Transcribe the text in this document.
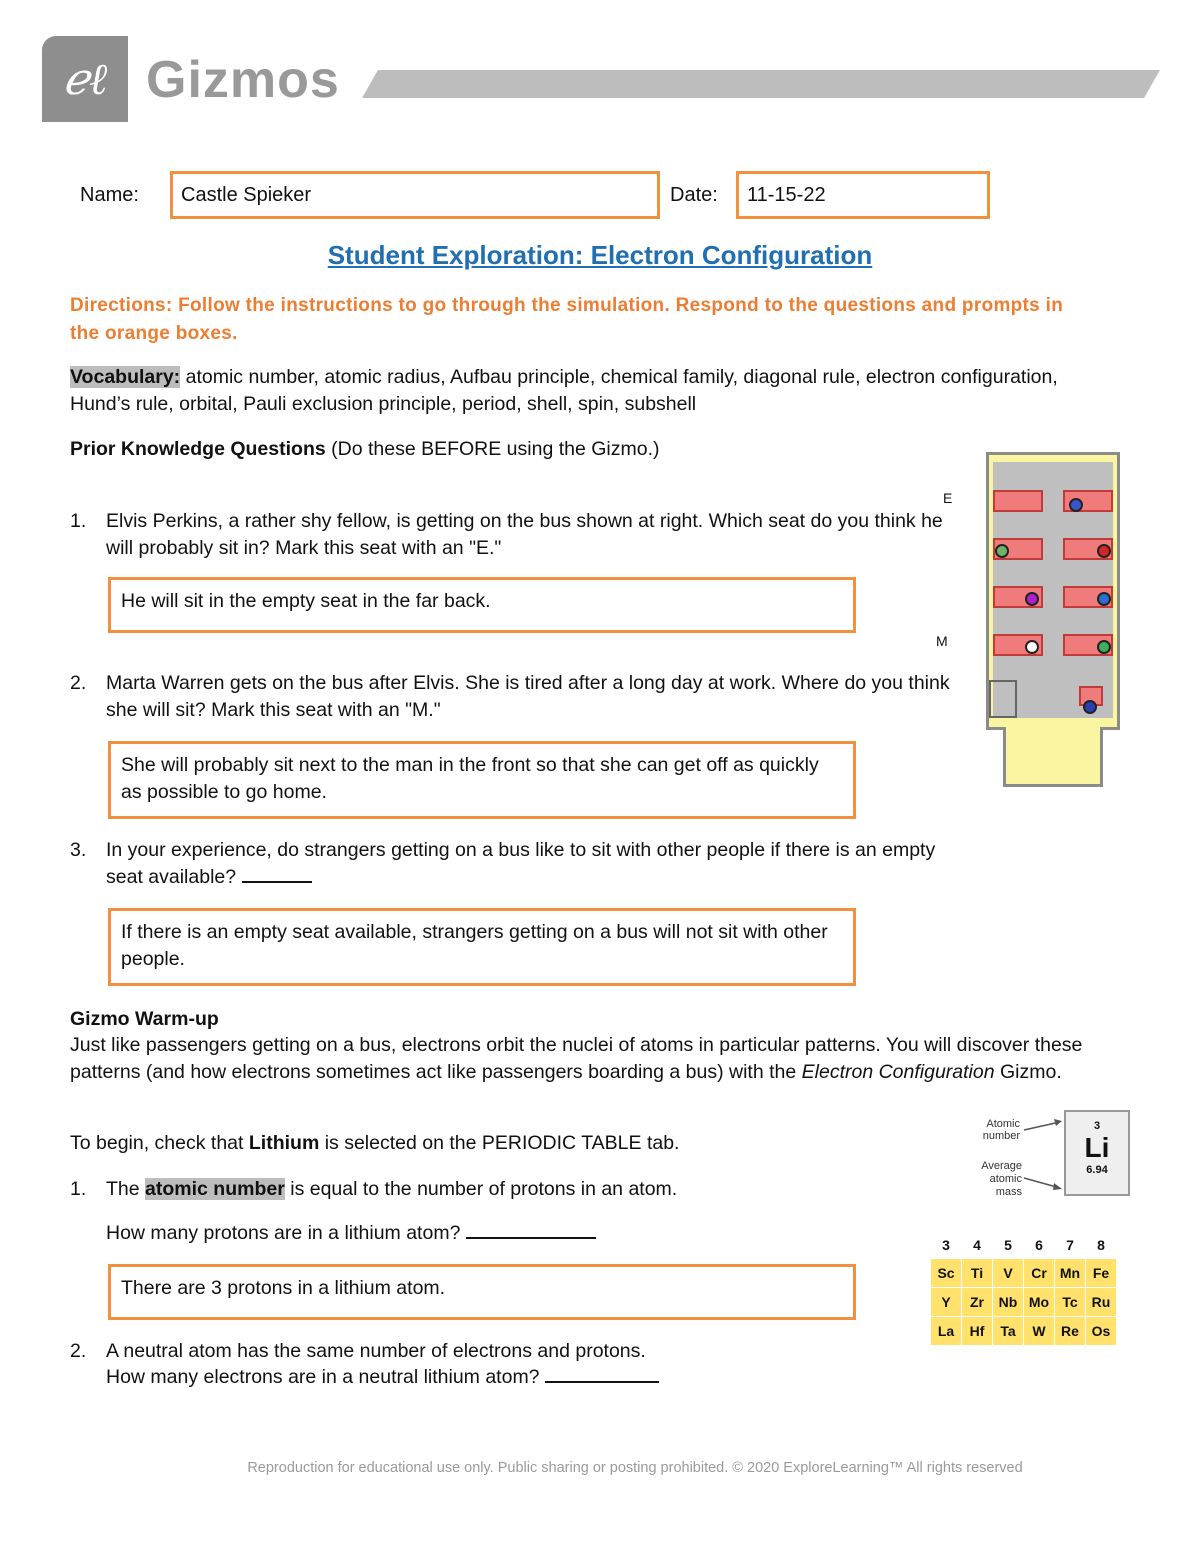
ℯℓ Gizmos
Name:	Castle Spieker	Date:	11-15-22
Student Exploration: Electron Configuration
Directions: Follow the instructions to go through the simulation. Respond to the questions and prompts in the orange boxes.
Vocabulary: atomic number, atomic radius, Aufbau principle, chemical family, diagonal rule, electron configuration, Hund’s rule, orbital, Pauli exclusion principle, period, shell, spin, subshell
Prior Knowledge Questions (Do these BEFORE using the Gizmo.)
1. Elvis Perkins, a rather shy fellow, is getting on the bus shown at right. Which seat do you think he will probably sit in? Mark this seat with an "E."
He will sit in the empty seat in the far back.
2. Marta Warren gets on the bus after Elvis. She is tired after a long day at work. Where do you think she will sit? Mark this seat with an "M."
She will probably sit next to the man in the front so that she can get off as quickly as possible to go home.
3. In your experience, do strangers getting on a bus like to sit with other people if there is an empty seat available?
If there is an empty seat available, strangers getting on a bus will not sit with other people.
E
M
Gizmo Warm-up
Just like passengers getting on a bus, electrons orbit the nuclei of atoms in particular patterns. You will discover these patterns (and how electrons sometimes act like passengers boarding a bus) with the Electron Configuration Gizmo.
To begin, check that Lithium is selected on the PERIODIC TABLE tab.
1. The atomic number is equal to the number of protons in an atom.
How many protons are in a lithium atom?
There are 3 protons in a lithium atom.
2. A neutral atom has the same number of electrons and protons.
How many electrons are in a neutral lithium atom?
Atomic number
Average
atomic
mass
3
Li
6.94
3	4	5	6	7	8
Sc	Ti	V	Cr	Mn	Fe
Y	Zr	Nb	Mo	Tc	Ru
La	Hf	Ta	W	Re	Os
Reproduction for educational use only. Public sharing or posting prohibited. © 2020 ExploreLearning™ All rights reserved
